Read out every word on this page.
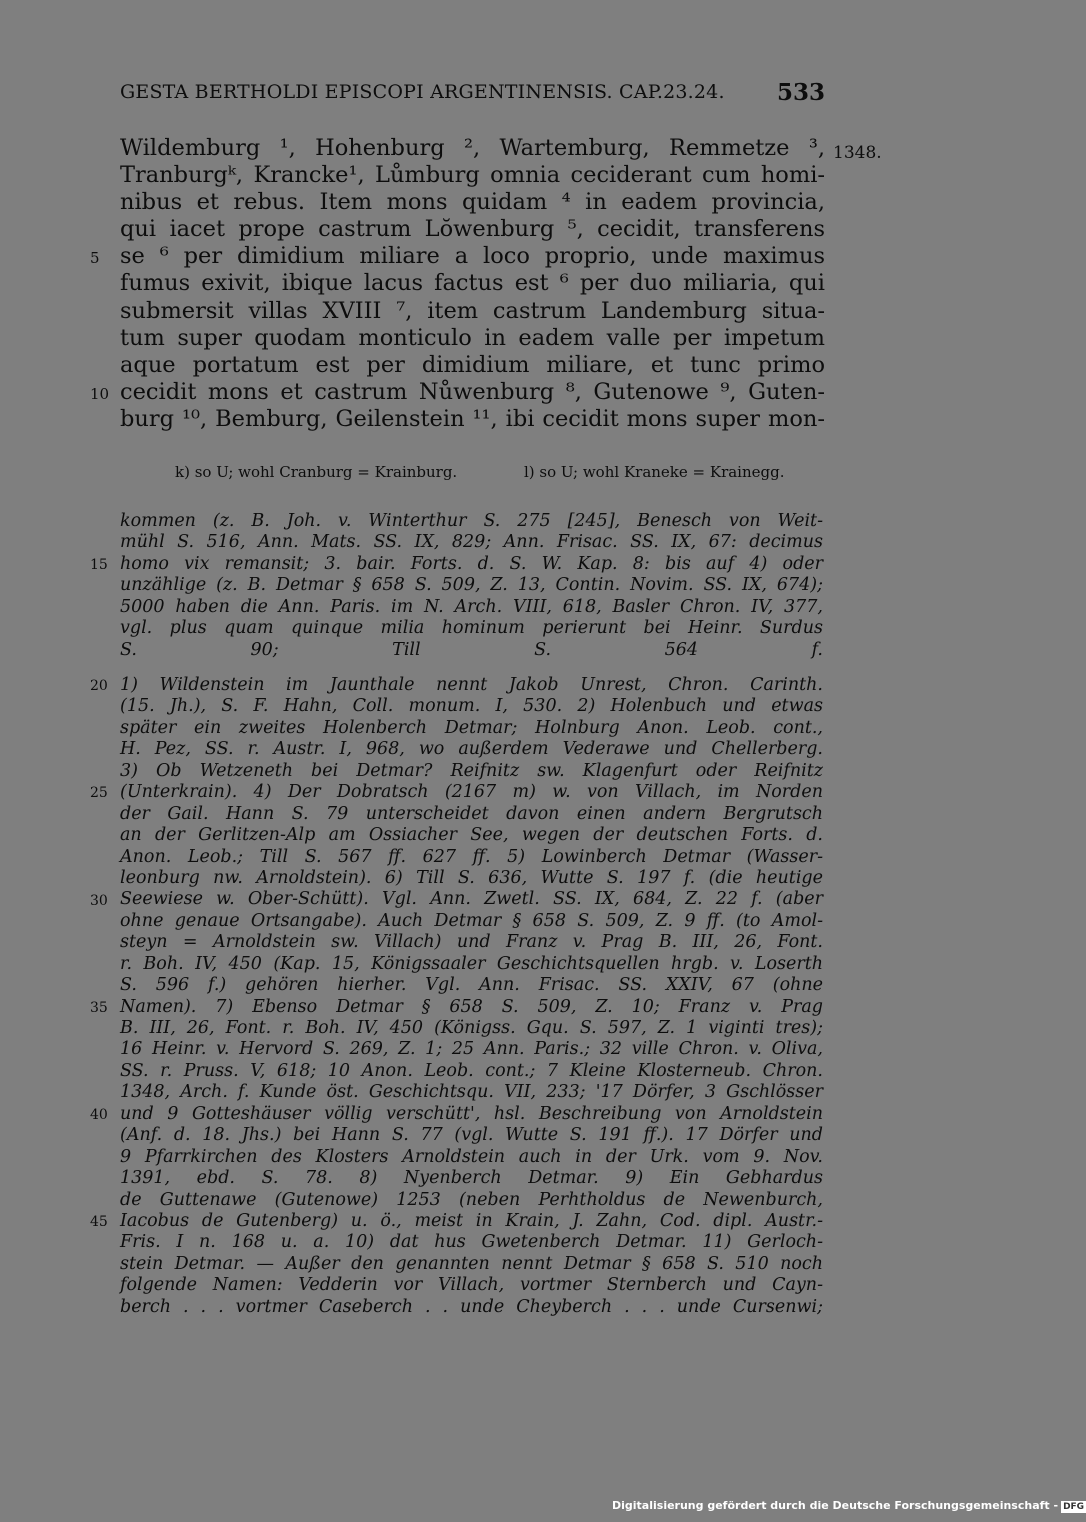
GESTA BERTHOLDI EPISCOPI ARGENTINENSIS. CAP.23.24. 533
1348.
Wildemburg ¹, Hohenburg ², Wartemburg, Remmetze ³,
Tranburgᵏ, Krancke¹, Lůmburg omnia ceciderant cum homi-
nibus et rebus. Item mons quidam ⁴ in eadem provincia,
qui iacet prope castrum Lŏwenburg ⁵, cecidit, transferens
se ⁶ per dimidium miliare a loco proprio, unde maximus
fumus exivit, ibique lacus factus est ⁶ per duo miliaria, qui
submersit villas XVIII ⁷, item castrum Landemburg situa-
tum super quodam monticulo in eadem valle per impetum
aque portatum est per dimidium miliare, et tunc primo
cecidit mons et castrum Nůwenburg ⁸, Gutenowe ⁹, Guten-
burg ¹⁰, Bemburg, Geilenstein ¹¹, ibi cecidit mons super mon-
5
10
k) so U; wohl Cranburg = Krainburg.	l) so U; wohl Kraneke = Krainegg.
kommen (z. B. Joh. v. Winterthur S. 275 [245], Benesch von Weit-
mühl S. 516, Ann. Mats. SS. IX, 829; Ann. Frisac. SS. IX, 67: decimus
homo vix remansit; 3. bair. Forts. d. S. W. Kap. 8: bis auf 4) oder
unzählige (z. B. Detmar § 658 S. 509, Z. 13, Contin. Novim. SS. IX, 674);
5000 haben die Ann. Paris. im N. Arch. VIII, 618, Basler Chron. IV, 377,
vgl. plus quam quinque milia hominum perierunt bei Heinr. Surdus
S. 90; Till S. 564 f.
1) Wildenstein im Jaunthale nennt Jakob Unrest, Chron. Carinth.
(15. Jh.), S. F. Hahn, Coll. monum. I, 530. 2) Holenbuch und etwas
später ein zweites Holenberch Detmar; Holnburg Anon. Leob. cont.,
H. Pez, SS. r. Austr. I, 968, wo außerdem Vederawe und Chellerberg.
3) Ob Wetzeneth bei Detmar? Reifnitz sw. Klagenfurt oder Reifnitz
(Unterkrain). 4) Der Dobratsch (2167 m) w. von Villach, im Norden
der Gail. Hann S. 79 unterscheidet davon einen andern Bergrutsch
an der Gerlitzen-Alp am Ossiacher See, wegen der deutschen Forts. d.
Anon. Leob.; Till S. 567 ff. 627 ff. 5) Lowinberch Detmar (Wasser-
leonburg nw. Arnoldstein). 6) Till S. 636, Wutte S. 197 f. (die heutige
Seewiese w. Ober-Schütt). Vgl. Ann. Zwetl. SS. IX, 684, Z. 22 f. (aber
ohne genaue Ortsangabe). Auch Detmar § 658 S. 509, Z. 9 ff. (to Amol-
steyn = Arnoldstein sw. Villach) und Franz v. Prag B. III, 26, Font.
r. Boh. IV, 450 (Kap. 15, Königssaaler Geschichtsquellen hrgb. v. Loserth
S. 596 f.) gehören hierher. Vgl. Ann. Frisac. SS. XXIV, 67 (ohne
Namen). 7) Ebenso Detmar § 658 S. 509, Z. 10; Franz v. Prag
B. III, 26, Font. r. Boh. IV, 450 (Königss. Gqu. S. 597, Z. 1 viginti tres);
16 Heinr. v. Hervord S. 269, Z. 1; 25 Ann. Paris.; 32 ville Chron. v. Oliva,
SS. r. Pruss. V, 618; 10 Anon. Leob. cont.; 7 Kleine Klosterneub. Chron.
1348, Arch. f. Kunde öst. Geschichtsqu. VII, 233; '17 Dörfer, 3 Gschlösser
und 9 Gotteshäuser völlig verschütt', hsl. Beschreibung von Arnoldstein
(Anf. d. 18. Jhs.) bei Hann S. 77 (vgl. Wutte S. 191 ff.). 17 Dörfer und
9 Pfarrkirchen des Klosters Arnoldstein auch in der Urk. vom 9. Nov.
1391, ebd. S. 78. 8) Nyenberch Detmar. 9) Ein Gebhardus
de Guttenawe (Gutenowe) 1253 (neben Perhtholdus de Newenburch,
Iacobus de Gutenberg) u. ö., meist in Krain, J. Zahn, Cod. dipl. Austr.-
Fris. I n. 168 u. a. 10) dat hus Gwetenberch Detmar. 11) Gerloch-
stein Detmar. — Außer den genannten nennt Detmar § 658 S. 510 noch
folgende Namen: Vedderin vor Villach, vortmer Sternberch und Cayn-
berch . . . vortmer Caseberch . . unde Cheyberch . . . unde Cursenwi;
15
20
25
30
35
40
45
Digitalisierung gefördert durch die Deutsche Forschungsgemeinschaft - DFG
